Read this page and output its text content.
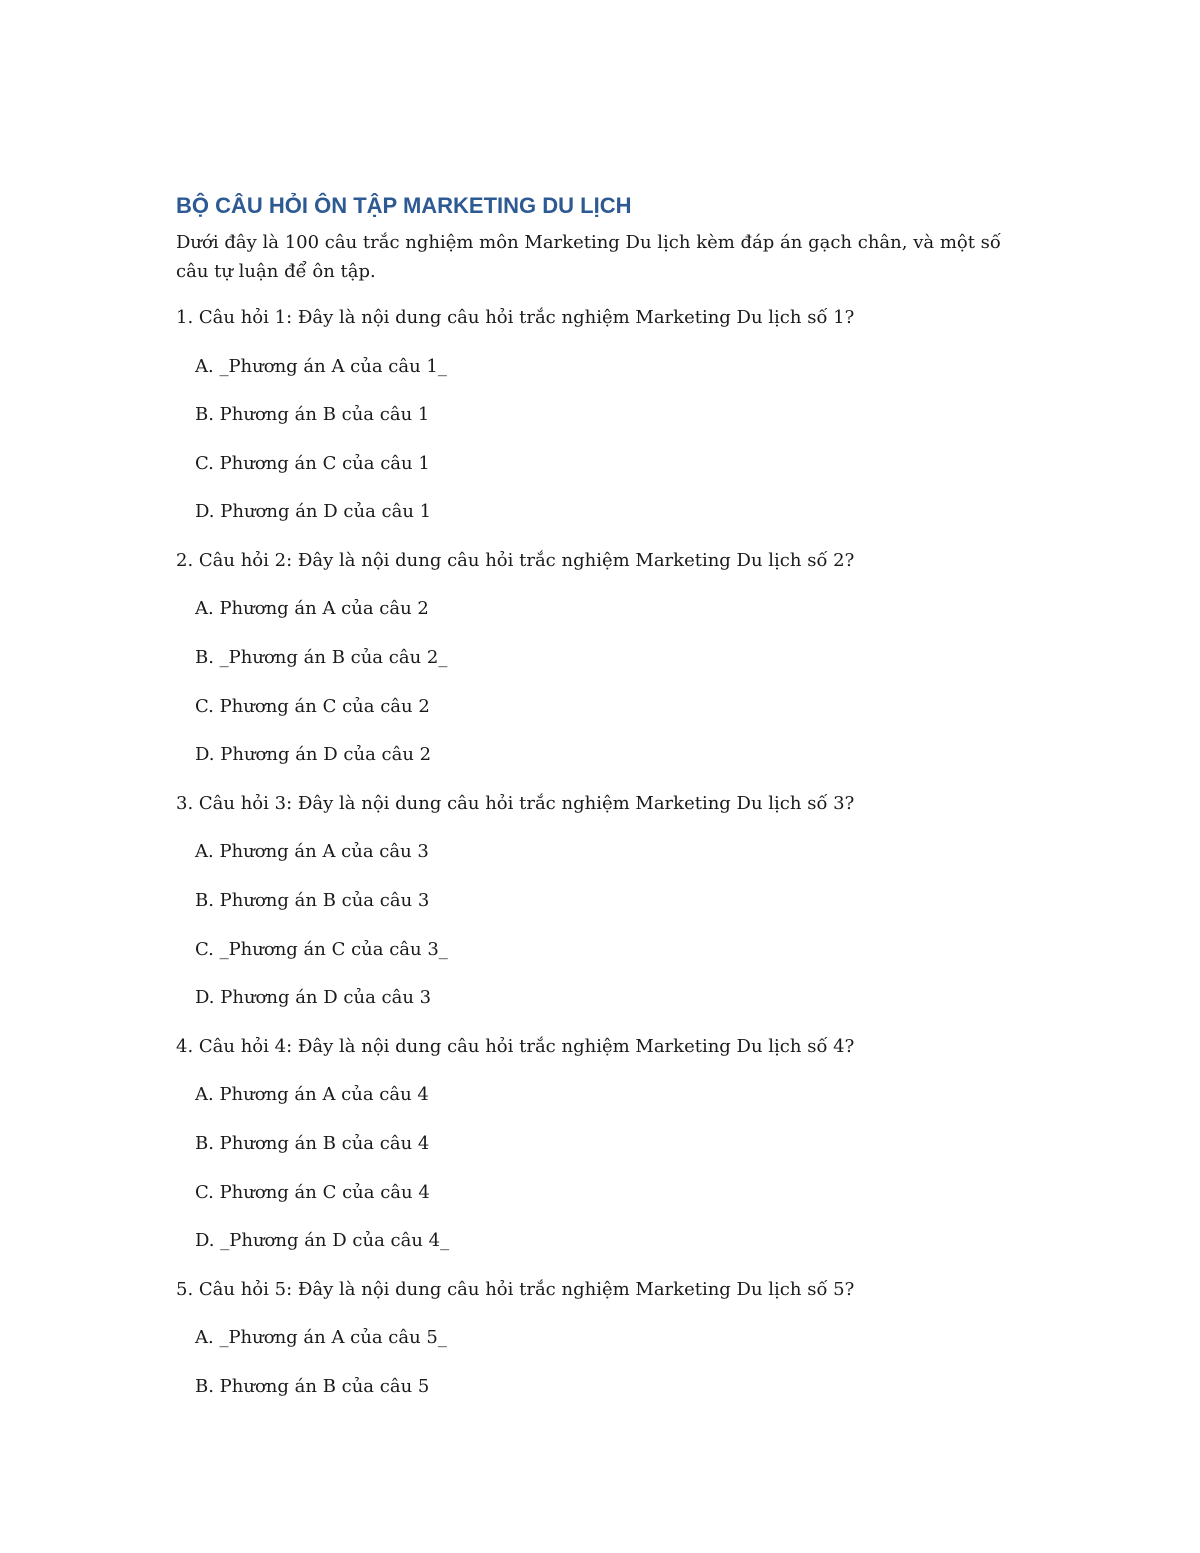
BỘ CÂU HỎI ÔN TẬP MARKETING DU LỊCH

Dưới đây là 100 câu trắc nghiệm môn Marketing Du lịch kèm đáp án gạch chân, và một số câu tự luận để ôn tập.

1. Câu hỏi 1: Đây là nội dung câu hỏi trắc nghiệm Marketing Du lịch số 1?

A. _Phương án A của câu 1_

B. Phương án B của câu 1

C. Phương án C của câu 1

D. Phương án D của câu 1

2. Câu hỏi 2: Đây là nội dung câu hỏi trắc nghiệm Marketing Du lịch số 2?

A. Phương án A của câu 2

B. _Phương án B của câu 2_

C. Phương án C của câu 2

D. Phương án D của câu 2

3. Câu hỏi 3: Đây là nội dung câu hỏi trắc nghiệm Marketing Du lịch số 3?

A. Phương án A của câu 3

B. Phương án B của câu 3

C. _Phương án C của câu 3_

D. Phương án D của câu 3

4. Câu hỏi 4: Đây là nội dung câu hỏi trắc nghiệm Marketing Du lịch số 4?

A. Phương án A của câu 4

B. Phương án B của câu 4

C. Phương án C của câu 4

D. _Phương án D của câu 4_

5. Câu hỏi 5: Đây là nội dung câu hỏi trắc nghiệm Marketing Du lịch số 5?

A. _Phương án A của câu 5_

B. Phương án B của câu 5
